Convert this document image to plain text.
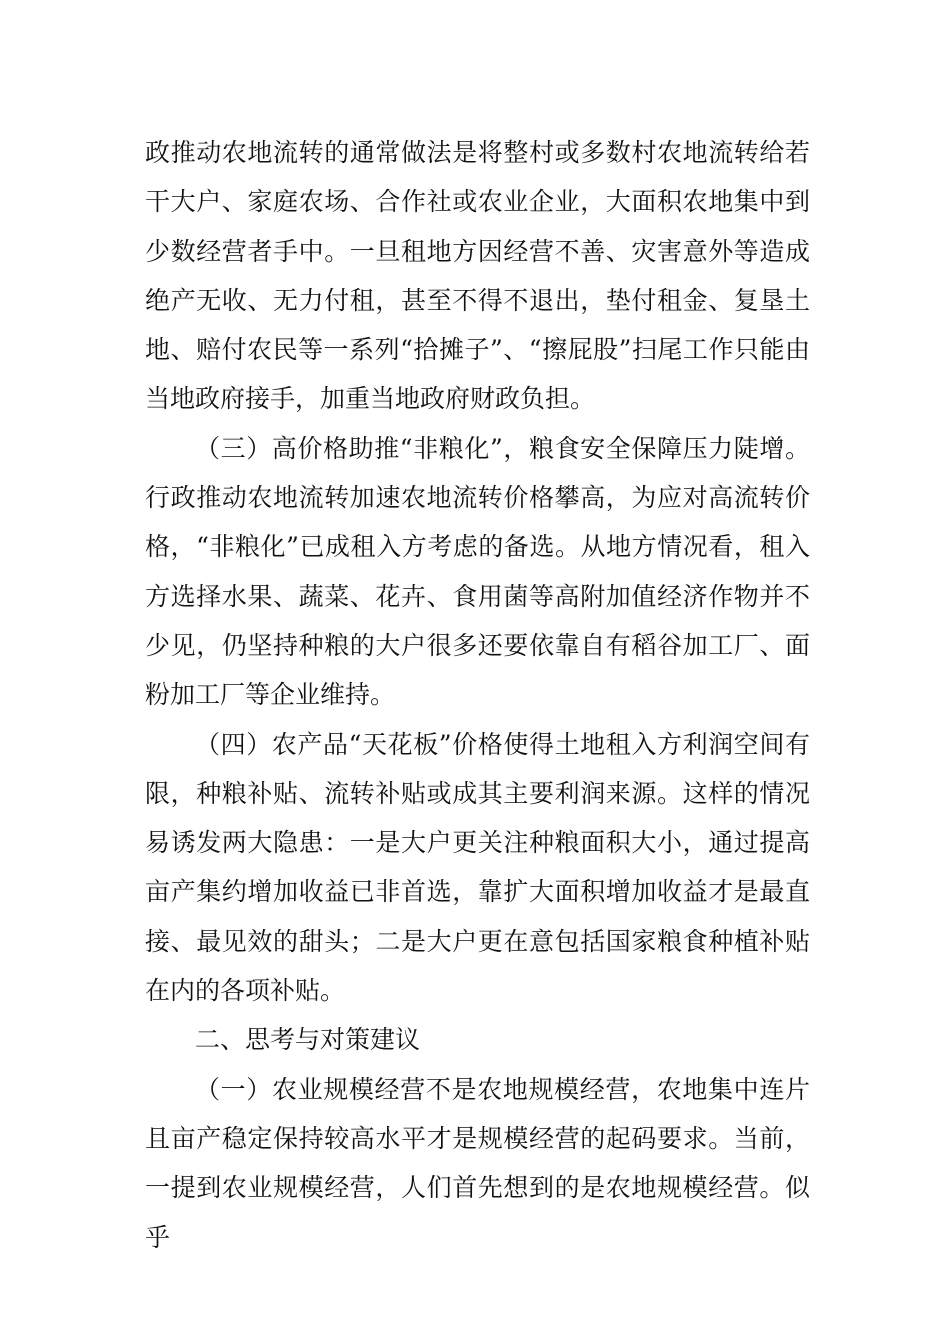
政推动农地流转的通常做法是将整村或多数村农地流转给若干大户、家庭农场、合作社或农业企业，大面积农地集中到少数经营者手中。一旦租地方因经营不善、灾害意外等造成绝产无收、无力付租，甚至不得不退出，垫付租金、复垦土地、赔付农民等一系列“拾摊子”、“擦屁股”扫尾工作只能由当地政府接手，加重当地政府财政负担。

（三）高价格助推“非粮化”，粮食安全保障压力陡增。行政推动农地流转加速农地流转价格攀高，为应对高流转价格，“非粮化”已成租入方考虑的备选。从地方情况看，租入方选择水果、蔬菜、花卉、食用菌等高附加值经济作物并不少见，仍坚持种粮的大户很多还要依靠自有稻谷加工厂、面粉加工厂等企业维持。

（四）农产品“天花板”价格使得土地租入方利润空间有限，种粮补贴、流转补贴或成其主要利润来源。这样的情况易诱发两大隐患：一是大户更关注种粮面积大小，通过提高亩产集约增加收益已非首选，靠扩大面积增加收益才是最直接、最见效的甜头；二是大户更在意包括国家粮食种植补贴在内的各项补贴。

二、思考与对策建议

（一）农业规模经营不是农地规模经营，农地集中连片且亩产稳定保持较高水平才是规模经营的起码要求。当前，一提到农业规模经营，人们首先想到的是农地规模经营。似乎
